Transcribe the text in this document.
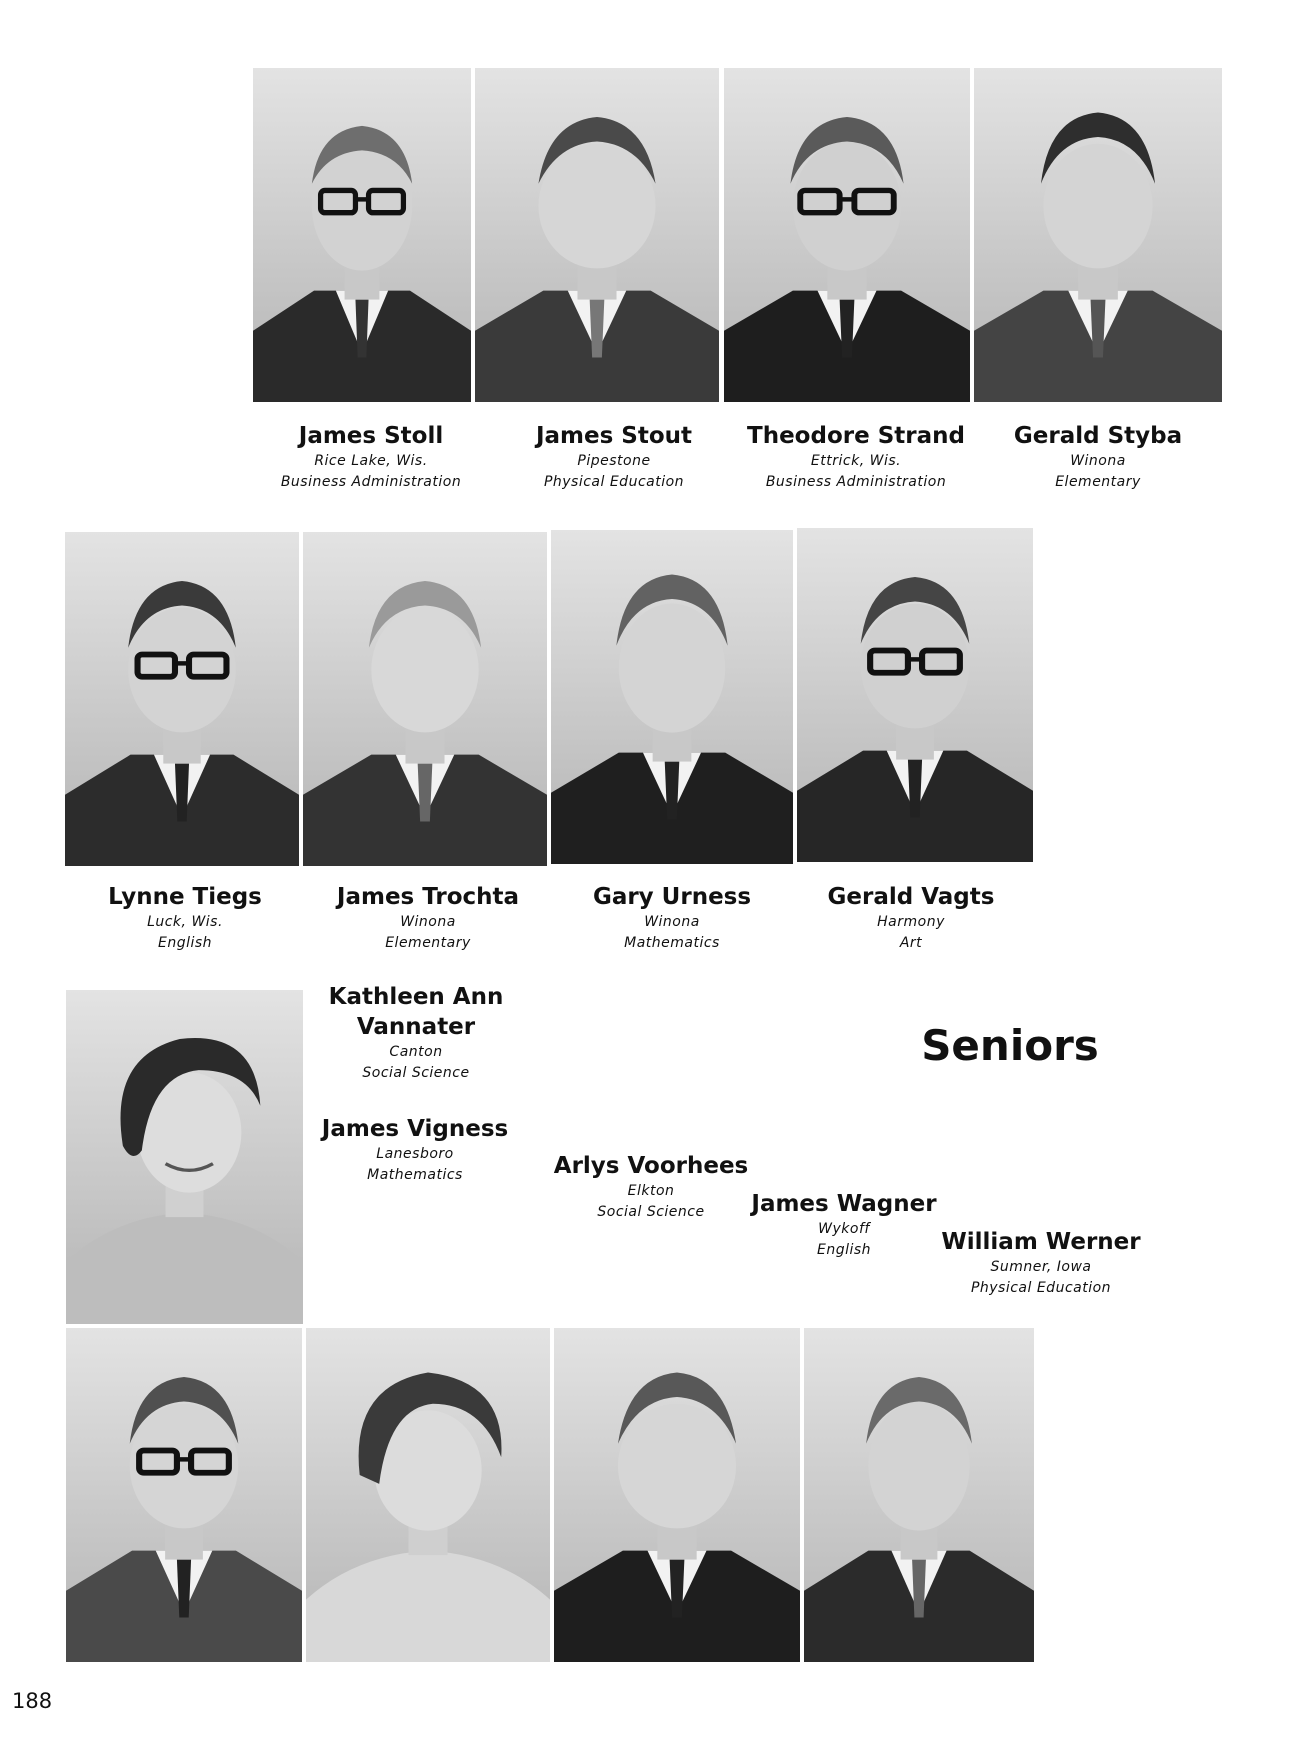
James Stoll
Rice Lake, Wis.
Business Administration
James Stout
Pipestone
Physical Education
Theodore Strand
Ettrick, Wis.
Business Administration
Gerald Styba
Winona
Elementary
Lynne Tiegs
Luck, Wis.
English
James Trochta
Winona
Elementary
Gary Urness
Winona
Mathematics
Gerald Vagts
Harmony
Art
Kathleen Ann
Vannater
Canton
Social Science
James Vigness
Lanesboro
Mathematics	Arlys Voorhees
Elkton
Social Science	James Wagner
Wykoff
English	William Werner
Sumner, Iowa
Physical Education
Seniors
188
